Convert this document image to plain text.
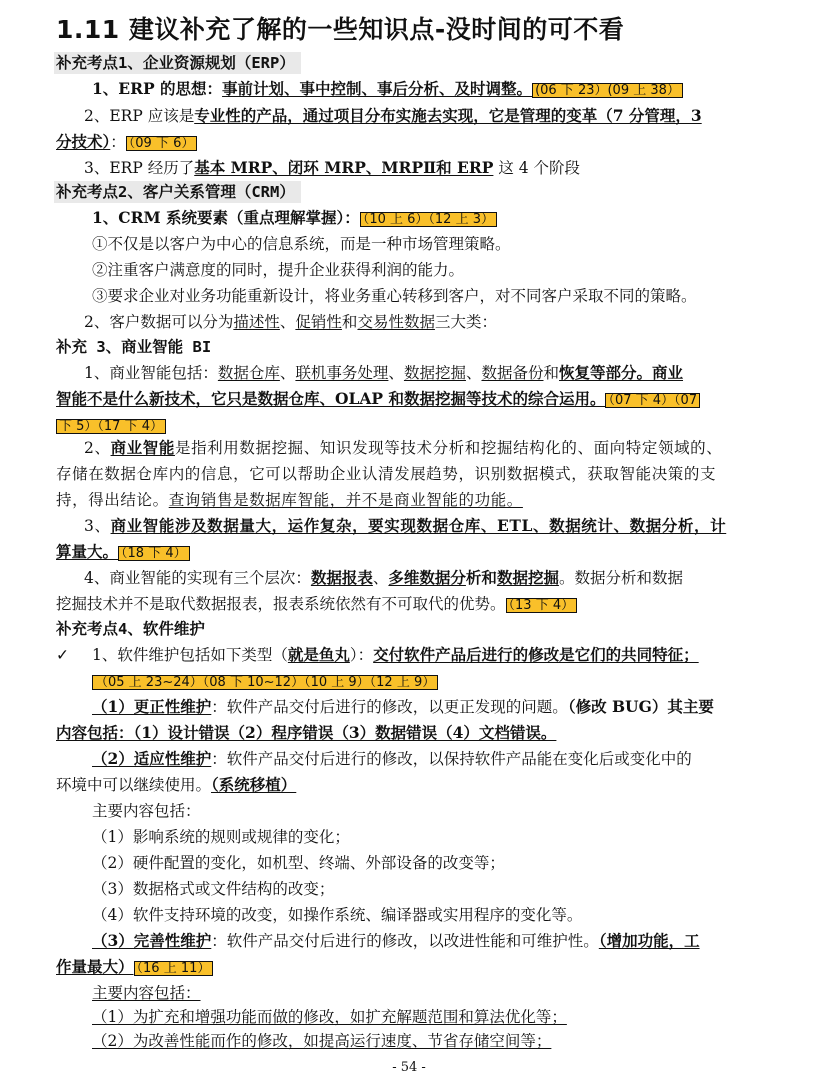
1.11 建议补充了解的一些知识点-没时间的可不看
补充考点1、企业资源规划（ERP）
1、ERP 的思想：事前计划、事中控制、事后分析、及时调整。 (06 下 23）(09 上 38）
2、ERP 应该是专业性的产品，通过项目分布实施去实现，它是管理的变革（7 分管理，3
分技术）： （09 下 6）
3、ERP 经历了基本 MRP、闭环 MRP、MRPⅡ和 ERP 这 4 个阶段
补充考点2、客户关系管理（CRM）
1、CRM 系统要素（重点理解掌握）： （10 上 6）（12 上 3）
①不仅是以客户为中心的信息系统，而是一种市场管理策略。
②注重客户满意度的同时，提升企业获得利润的能力。
③要求企业对业务功能重新设计，将业务重心转移到客户，对不同客户采取不同的策略。
2、客户数据可以分为描述性、促销性和交易性数据三大类：
补充 3、商业智能 BI
1、商业智能包括：数据仓库、联机事务处理、数据挖掘、数据备份和恢复等部分。商业
智能不是什么新技术，它只是数据仓库、OLAP 和数据挖掘等技术的综合运用。 （07 下 4）（07
下 5）（17 下 4）
2、商业智能是指利用数据挖掘、知识发现等技术分析和挖掘结构化的、面向特定领域的、
存储在数据仓库内的信息，它可以帮助企业认清发展趋势，识别数据模式，获取智能决策的支
持，得出结论。查询销售是数据库智能，并不是商业智能的功能。
3、商业智能涉及数据量大，运作复杂，要实现数据仓库、ETL、数据统计、数据分析，计
算量大。 （18 下 4）
4、商业智能的实现有三个层次：数据报表、多维数据分析和数据挖掘。数据分析和数据
挖掘技术并不是取代数据报表，报表系统依然有不可取代的优势。 （13 下 4）
补充考点4、软件维护
✓	1、软件维护包括如下类型（就是鱼丸）：交付软件产品后进行的修改是它们的共同特征；
（05 上 23~24）（08 下 10~12）（10 上 9）（12 上 9）
（1）更正性维护：软件产品交付后进行的修改，以更正发现的问题。（修改 BUG）其主要
内容包括：（1）设计错误（2）程序错误（3）数据错误（4）文档错误。
（2）适应性维护：软件产品交付后进行的修改，以保持软件产品能在变化后或变化中的
环境中可以继续使用。（系统移植）
主要内容包括：
（1）影响系统的规则或规律的变化；
（2）硬件配置的变化，如机型、终端、外部设备的改变等；
（3）数据格式或文件结构的改变；
（4）软件支持环境的改变，如操作系统、编译器或实用程序的变化等。
（3）完善性维护：软件产品交付后进行的修改，以改进性能和可维护性。（增加功能，工
作量最大） （16 上 11）
主要内容包括：
（1）为扩充和增强功能而做的修改，如扩充解题范围和算法优化等；
（2）为改善性能而作的修改，如提高运行速度、节省存储空间等；
- 54 -
